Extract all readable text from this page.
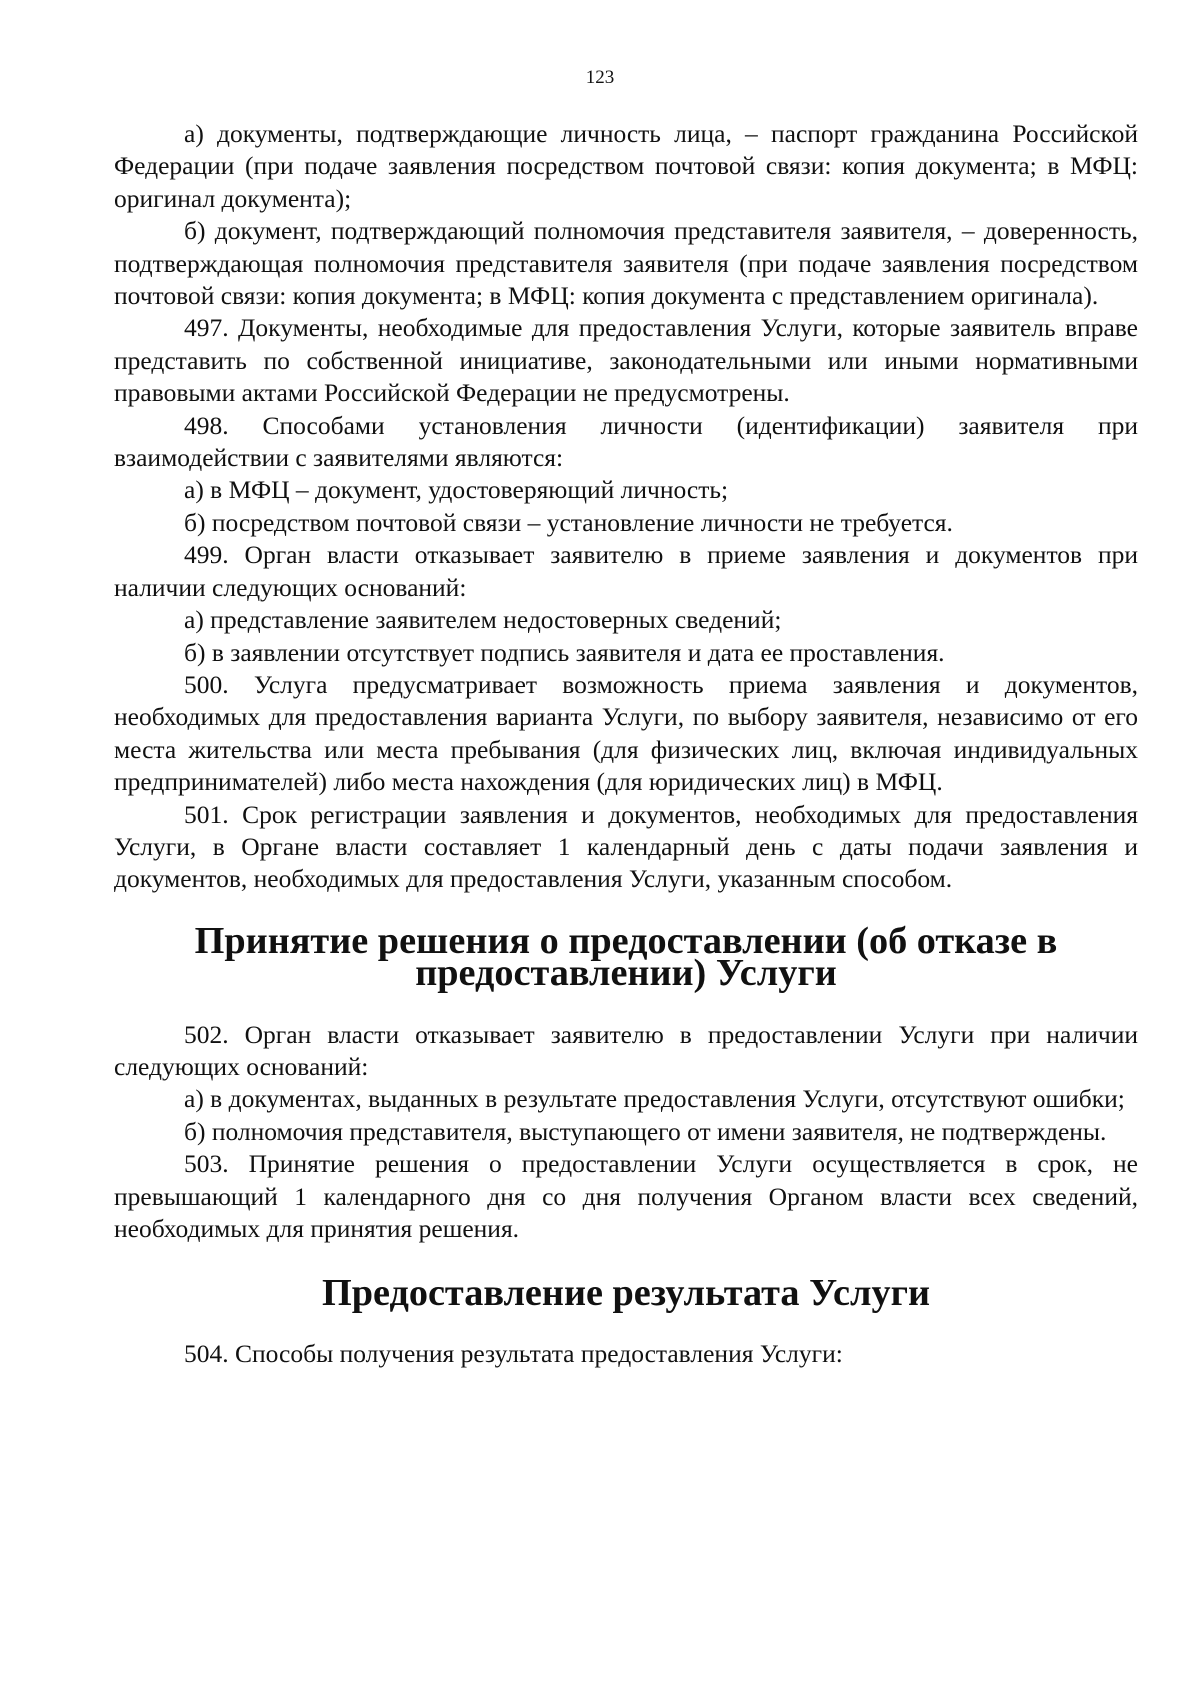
123

а) документы, подтверждающие личность лица, – паспорт гражданина Российской Федерации (при подаче заявления посредством почтовой связи: копия документа; в МФЦ: оригинал документа);

б) документ, подтверждающий полномочия представителя заявителя, – доверенность, подтверждающая полномочия представителя заявителя (при подаче заявления посредством почтовой связи: копия документа; в МФЦ: копия документа с представлением оригинала).

497. Документы, необходимые для предоставления Услуги, которые заявитель вправе представить по собственной инициативе, законодательными или иными нормативными правовыми актами Российской Федерации не предусмотрены.

498. Способами установления личности (идентификации) заявителя при взаимодействии с заявителями являются:

а) в МФЦ – документ, удостоверяющий личность;

б) посредством почтовой связи – установление личности не требуется.

499. Орган власти отказывает заявителю в приеме заявления и документов при наличии следующих оснований:

а) представление заявителем недостоверных сведений;

б) в заявлении отсутствует подпись заявителя и дата ее проставления.

500. Услуга предусматривает возможность приема заявления и документов, необходимых для предоставления варианта Услуги, по выбору заявителя, независимо от его места жительства или места пребывания (для физических лиц, включая индивидуальных предпринимателей) либо места нахождения (для юридических лиц) в МФЦ.

501. Срок регистрации заявления и документов, необходимых для предоставления Услуги, в Органе власти составляет 1 календарный день с даты подачи заявления и документов, необходимых для предоставления Услуги, указанным способом.

Принятие решения о предоставлении (об отказе в предоставлении) Услуги

502. Орган власти отказывает заявителю в предоставлении Услуги при наличии следующих оснований:

а) в документах, выданных в результате предоставления Услуги, отсутствуют ошибки;

б) полномочия представителя, выступающего от имени заявителя, не подтверждены.

503. Принятие решения о предоставлении Услуги осуществляется в срок, не превышающий 1 календарного дня со дня получения Органом власти всех сведений, необходимых для принятия решения.

Предоставление результата Услуги

504. Способы получения результата предоставления Услуги:
